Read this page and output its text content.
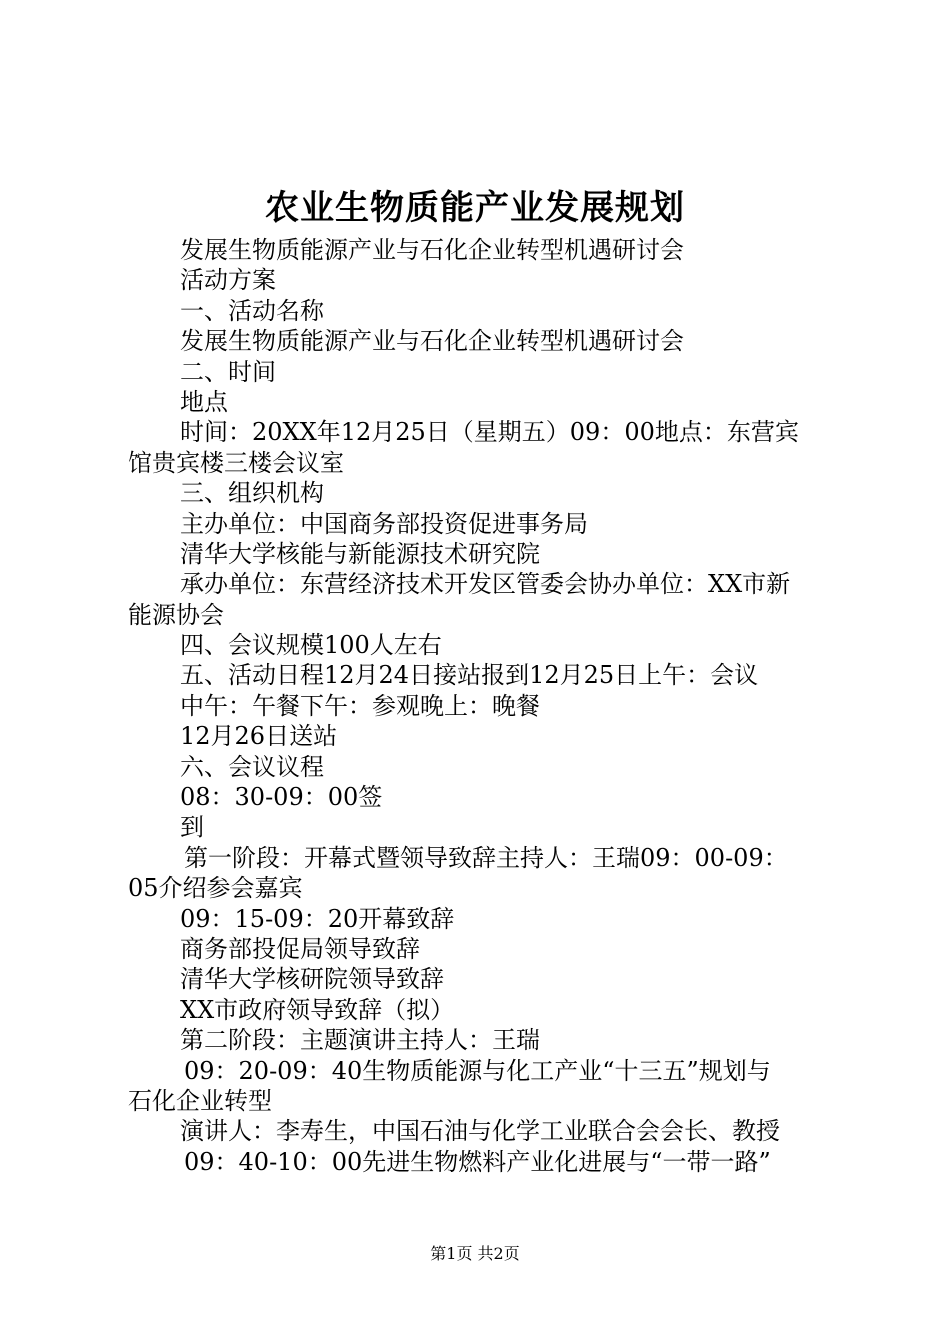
农业生物质能产业发展规划
发展生物质能源产业与石化企业转型机遇研讨会
活动方案
一、活动名称
发展生物质能源产业与石化企业转型机遇研讨会
二、时间
地点
时间：20XX年12月25日（星期五）09：00地点：东营宾
馆贵宾楼三楼会议室
三、组织机构
主办单位：中国商务部投资促进事务局
清华大学核能与新能源技术研究院
承办单位：东营经济技术开发区管委会协办单位：XX市新
能源协会
四、会议规模100人左右
五、活动日程12月24日接站报到12月25日上午：会议
中午：午餐下午：参观晚上：晚餐
12月26日送站
六、会议议程
08：30-09：00签
到
第一阶段：开幕式暨领导致辞主持人：王瑞09：00-09：
05介绍参会嘉宾
09：15-09：20开幕致辞
商务部投促局领导致辞
清华大学核研院领导致辞
XX市政府领导致辞（拟）
第二阶段：主题演讲主持人：王瑞
09：20-09：40生物质能源与化工产业“十三五”规划与
石化企业转型
演讲人：李寿生，中国石油与化学工业联合会会长、教授
09：40-10：00先进生物燃料产业化进展与“一带一路”
第1页 共2页
